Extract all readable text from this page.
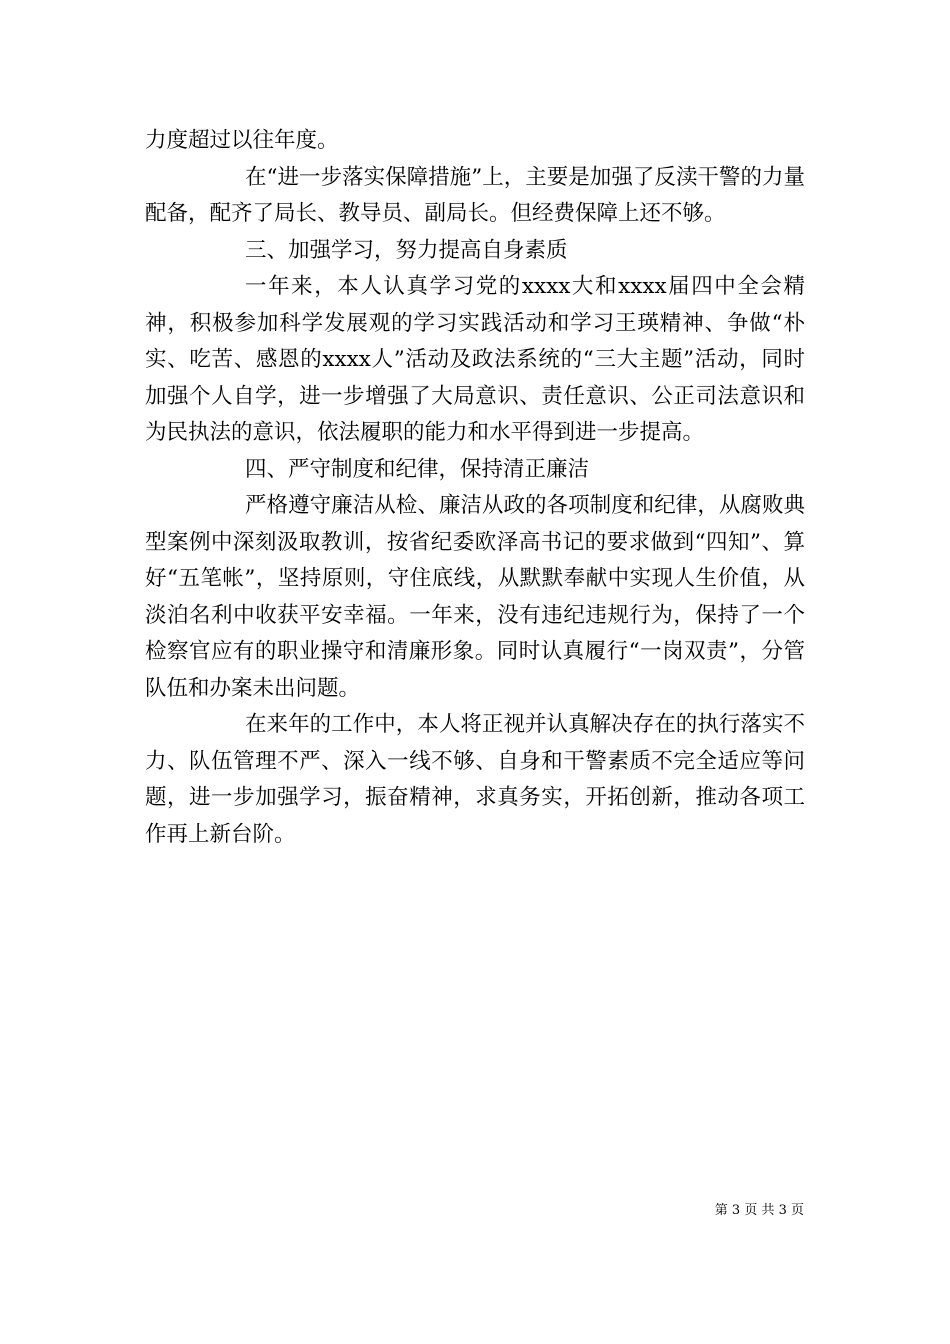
力度超过以往年度。

在“进一步落实保障措施”上，主要是加强了反渎干警的力量配备，配齐了局长、教导员、副局长。但经费保障上还不够。

三、加强学习，努力提高自身素质

一年来，本人认真学习党的xxxx大和xxxx届四中全会精神，积极参加科学发展观的学习实践活动和学习王瑛精神、争做“朴实、吃苦、感恩的xxxx人”活动及政法系统的“三大主题”活动，同时加强个人自学，进一步增强了大局意识、责任意识、公正司法意识和为民执法的意识，依法履职的能力和水平得到进一步提高。

四、严守制度和纪律，保持清正廉洁

严格遵守廉洁从检、廉洁从政的各项制度和纪律，从腐败典型案例中深刻汲取教训，按省纪委欧泽高书记的要求做到“四知”、算好“五笔帐”，坚持原则，守住底线，从默默奉献中实现人生价值，从淡泊名利中收获平安幸福。一年来，没有违纪违规行为，保持了一个检察官应有的职业操守和清廉形象。同时认真履行“一岗双责”，分管队伍和办案未出问题。

在来年的工作中，本人将正视并认真解决存在的执行落实不力、队伍管理不严、深入一线不够、自身和干警素质不完全适应等问题，进一步加强学习，振奋精神，求真务实，开拓创新，推动各项工作再上新台阶。

第 3 页 共 3 页
